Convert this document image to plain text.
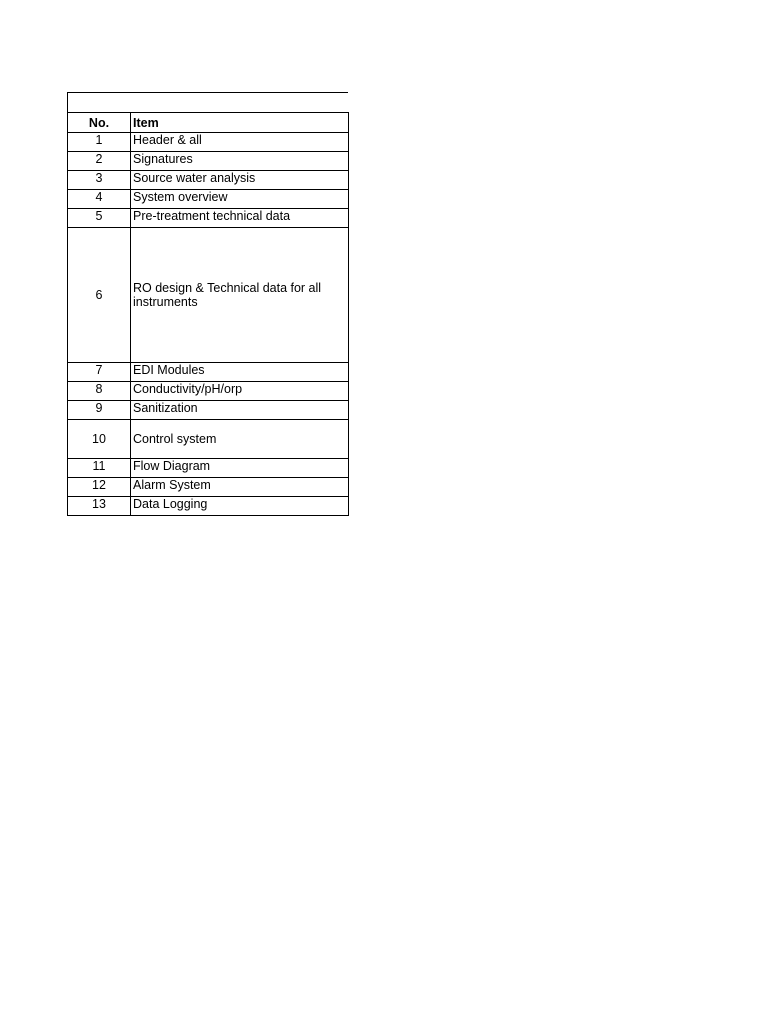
No.	Item
1	Header & all
2	Signatures
3	Source water analysis
4	System overview
5	Pre-treatment technical data
6	RO design & Technical data for all instruments
7	EDI Modules
8	Conductivity/pH/orp
9	Sanitization
10	Control system
11	Flow Diagram
12	Alarm System
13	Data Logging
